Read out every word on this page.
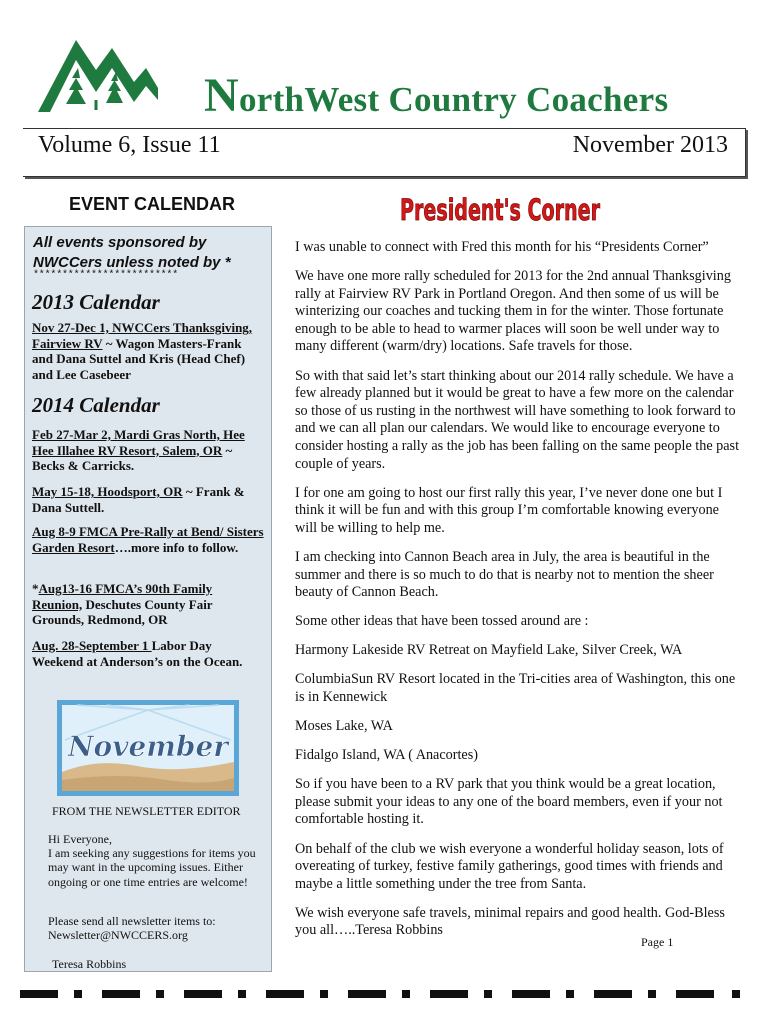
NorthWest Country Coachers
Volume 6, Issue 11	November 2013
EVENT CALENDAR
All events sponsored by NWCCers unless noted by *
*************************
2013 Calendar
Nov 27-Dec 1, NWCCers Thanksgiving, Fairview RV ~ Wagon Masters-Frank and Dana Suttel and Kris (Head Chef) and Lee Casebeer
2014 Calendar
Feb 27-Mar 2, Mardi Gras North, Hee Hee Illahee RV Resort, Salem, OR ~ Becks & Carricks.
May 15-18, Hoodsport, OR ~ Frank & Dana Suttell.
Aug 8-9 FMCA Pre-Rally at Bend/ Sisters Garden Resort….more info to follow.
*Aug13-16 FMCA’s 90th Family Reunion, Deschutes County Fair Grounds, Redmond, OR
Aug. 28-September 1 Labor Day Weekend at Anderson’s on the Ocean.
November
FROM THE NEWSLETTER EDITOR
Hi Everyone,
I am seeking any suggestions for items you may want in the upcoming issues. Either ongoing or one time entries are welcome!
Please send all newsletter items to: Newsletter@NWCCERS.org
Teresa Robbins
President's Corner

I was unable to connect with Fred this month for his “Presidents Corner”

We have one more rally scheduled for 2013 for the 2nd annual Thanksgiving rally at Fairview RV Park in Portland Oregon. And then some of us will be winterizing our coaches and tucking them in for the winter. Those fortunate enough to be able to head to warmer places will soon be well under way to many different (warm/dry) locations. Safe travels for those.

So with that said let’s start thinking about our 2014 rally schedule. We have a few already planned but it would be great to have a few more on the calendar so those of us rusting in the northwest will have something to look forward to and we can all plan our calendars. We would like to encourage everyone to consider hosting a rally as the job has been falling on the same people the past couple of years.

I for one am going to host our first rally this year, I’ve never done one but I think it will be fun and with this group I’m comfortable knowing everyone will be willing to help me.

I am checking into Cannon Beach area in July, the area is beautiful in the summer and there is so much to do that is nearby not to mention the sheer beauty of Cannon Beach.

Some other ideas that have been tossed around are :

Harmony Lakeside RV Retreat on Mayfield Lake, Silver Creek, WA

ColumbiaSun RV Resort located in the Tri-cities area of Washington, this one is in Kennewick

Moses Lake, WA

Fidalgo Island, WA ( Anacortes)

So if you have been to a RV park that you think would be a great location, please submit your ideas to any one of the board members, even if your not comfortable hosting it.

On behalf of the club we wish everyone a wonderful holiday season, lots of overeating of turkey, festive family gatherings, good times with friends and maybe a little something under the tree from Santa.

We wish everyone safe travels, minimal repairs and good health. God-Bless you all…..Teresa Robbins

Page 1
